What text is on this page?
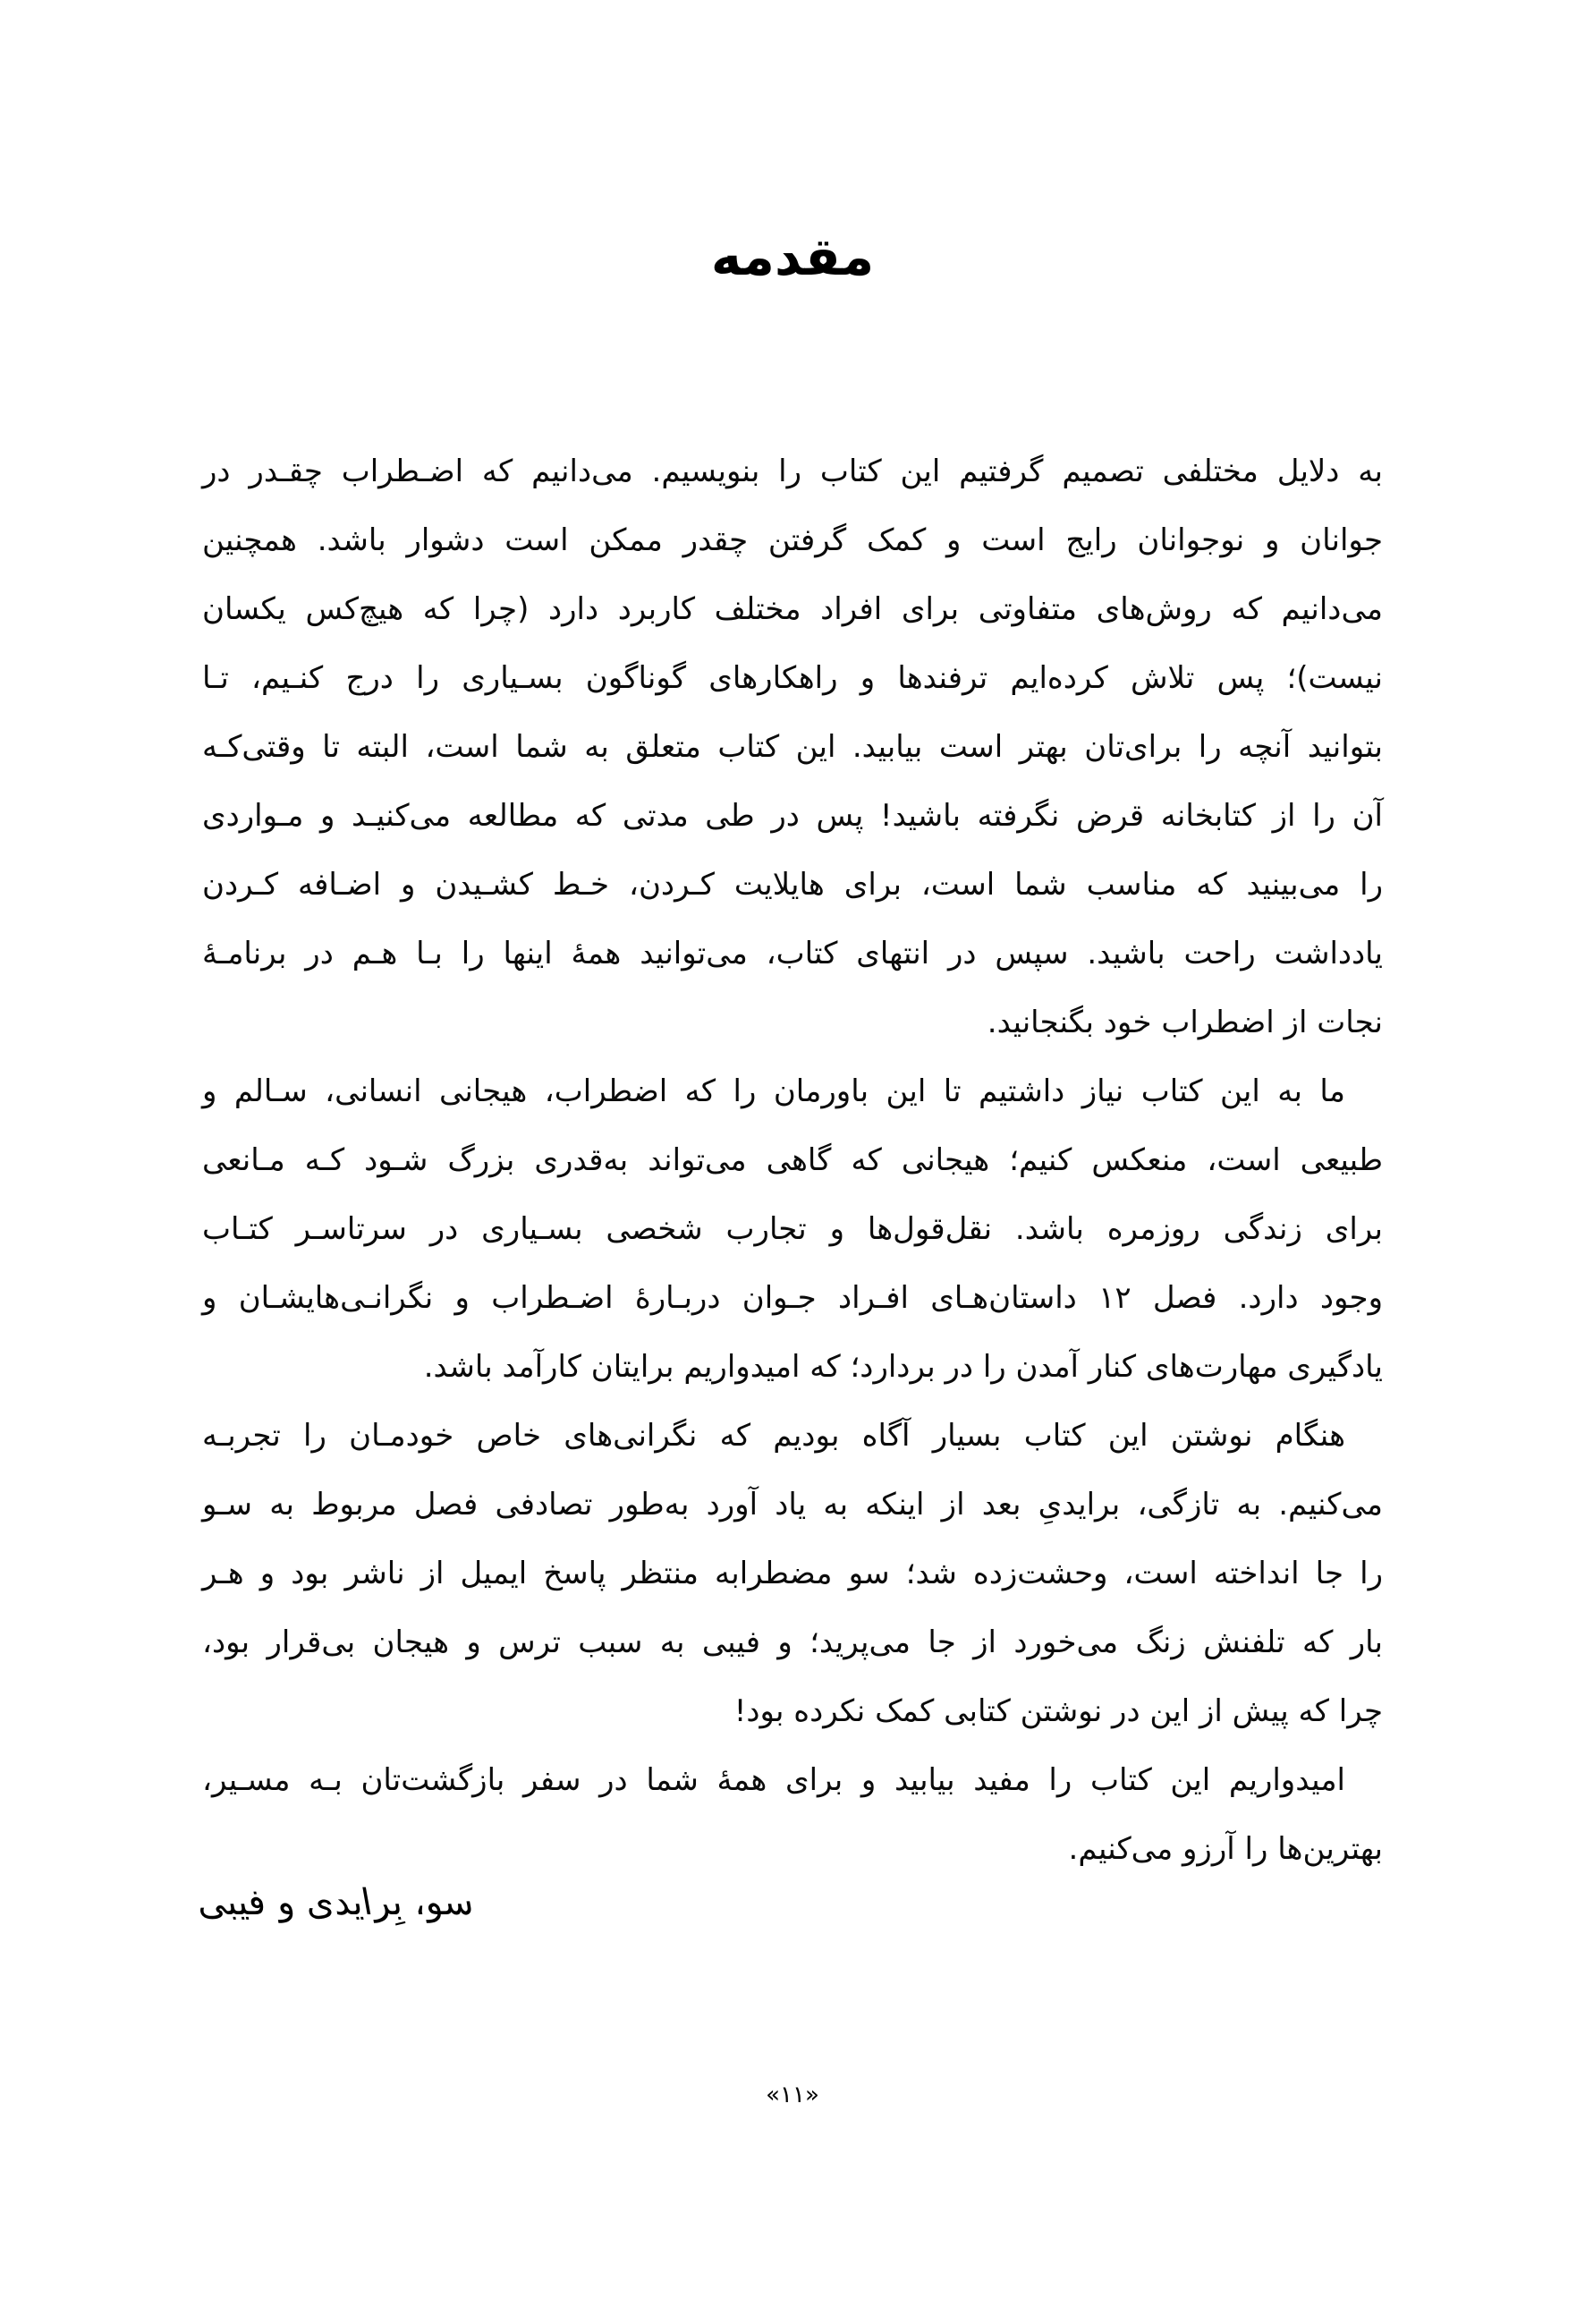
مقدمه
به دلایل مختلفی تصمیم گرفتیم این کتاب را بنویسیم. می‌دانیم که اضـطراب چقـدر در
جوانان و نوجوانان رایج است و کمک گرفتن چقدر ممکن است دشوار باشد. همچنین
می‌دانیم که روش‌های متفاوتی برای افراد مختلف کاربرد دارد (چرا که هیچ‌کس یکسان
نیست)؛ پس تلاش کرده‌ایم ترفندها و راهکارهای گوناگون بسـیاری را درج کنـیم، تـا
بتوانید آنچه را برای‌تان بهتر است بیابید. این کتاب متعلق به شما است، البته تا وقتی‌کـه
آن را از کتابخانه قرض نگرفته باشید! پس در طی مدتی که مطالعه می‌کنیـد و مـواردی
را می‌بینید که مناسب شما است، برای هایلایت کـردن، خـط کشـیدن و اضـافه کـردن
یادداشت راحت باشید. سپس در انتهای کتاب، می‌توانید همهٔ اینها را بـا هـم در برنامـهٔ
نجات از اضطراب خود بگنجانید.
ما به این کتاب نیاز داشتیم تا این باورمان را که اضطراب، هیجانی انسانی، سـالم و
طبیعی است، منعکس کنیم؛ هیجانی که گاهی می‌تواند به‌قدری بزرگ شـود کـه مـانعی
برای زندگی روزمره باشد. نقل‌قول‌ها و تجارب شخصی بسـیاری در سرتاسـر کتـاب
وجود دارد. فصل ۱۲ داستان‌هـای افـراد جـوان دربـارهٔ اضـطراب و نگرانـی‌هایشـان و
یادگیری مهارت‌های کنار آمدن را در بردارد؛ که امیدواریم برایتان کارآمد باشد.
هنگام نوشتن این کتاب بسیار آگاه بودیم که نگرانی‌های خاص خودمـان را تجربـه
می‌کنیم. به تازگی، برایدیِ بعد از اینکه به یاد آورد به‌طور تصادفی فصل مربوط به سـو
را جا انداخته است، وحشت‌زده شد؛ سو مضطرابه منتظر پاسخ ایمیل از ناشر بود و هـر
بار که تلفنش زنگ می‌خورد از جا می‌پرید؛ و فیبی به سبب ترس و هیجان بی‌قرار بود،
چرا که پیش از این در نوشتن کتابی کمک نکرده بود!
امیدواریم این کتاب را مفید بیابید و برای همهٔ شما در سفر بازگشت‌تان بـه مسـیر،
بهترین‌ها را آرزو می‌کنیم.
سو، بِرایدی و فیبی
«۱۱»
